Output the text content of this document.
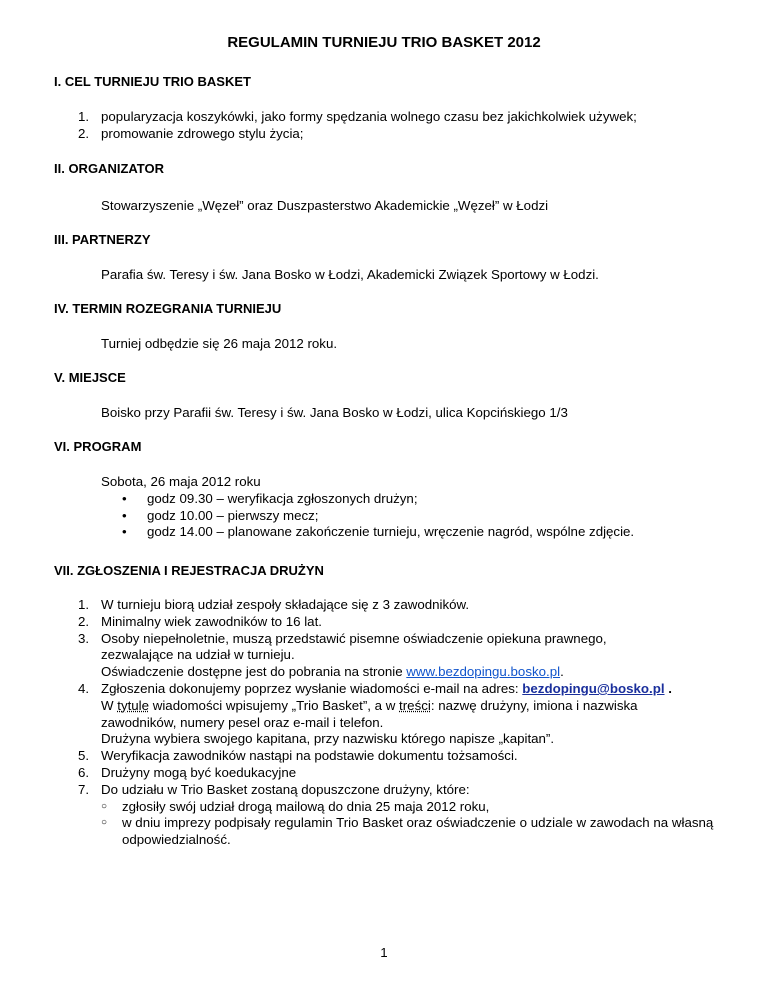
REGULAMIN TURNIEJU TRIO BASKET 2012
I. CEL TURNIEJU TRIO BASKET
1. popularyzacja koszykówki, jako formy spędzania wolnego czasu bez jakichkolwiek używek;
2. promowanie zdrowego stylu życia;
II. ORGANIZATOR
Stowarzyszenie „Węzeł” oraz Duszpasterstwo Akademickie „Węzeł” w Łodzi
III. PARTNERZY
Parafia św. Teresy i św. Jana Bosko w Łodzi, Akademicki Związek Sportowy w Łodzi.
IV. TERMIN ROZEGRANIA TURNIEJU
Turniej odbędzie się 26 maja 2012 roku.
V. MIEJSCE
Boisko przy Parafii św. Teresy i św. Jana Bosko w Łodzi, ulica Kopcińskiego 1/3
VI. PROGRAM
Sobota, 26 maja 2012 roku
•	godz 09.30 – weryfikacja zgłoszonych drużyn;
•	godz 10.00 – pierwszy mecz;
•	godz 14.00 – planowane zakończenie turnieju, wręczenie nagród, wspólne zdjęcie.
VII. ZGŁOSZENIA I REJESTRACJA DRUŻYN
1. W turnieju biorą udział zespoły składające się z 3 zawodników.
2. Minimalny wiek zawodników to 16 lat.
3. Osoby niepełnoletnie, muszą przedstawić pisemne oświadczenie opiekuna prawnego,
zezwalające na udział w turnieju.
Oświadczenie dostępne jest do pobrania na stronie www.bezdopingu.bosko.pl.
4. Zgłoszenia dokonujemy poprzez wysłanie wiadomości e-mail na adres: bezdopingu@bosko.pl .
W tytule wiadomości wpisujemy „Trio Basket”, a w treści: nazwę drużyny, imiona i nazwiska
zawodników, numery pesel oraz e-mail i telefon.
Drużyna wybiera swojego kapitana, przy nazwisku którego napisze „kapitan”.
5. Weryfikacja zawodników nastąpi na podstawie dokumentu tożsamości.
6. Drużyny mogą być koedukacyjne
7. Do udziału w Trio Basket zostaną dopuszczone drużyny, które:
○	zgłosiły swój udział drogą mailową do dnia 25 maja 2012 roku,
○	w dniu imprezy podpisały regulamin Trio Basket oraz oświadczenie o udziale w zawodach na własną odpowiedzialność.
1
